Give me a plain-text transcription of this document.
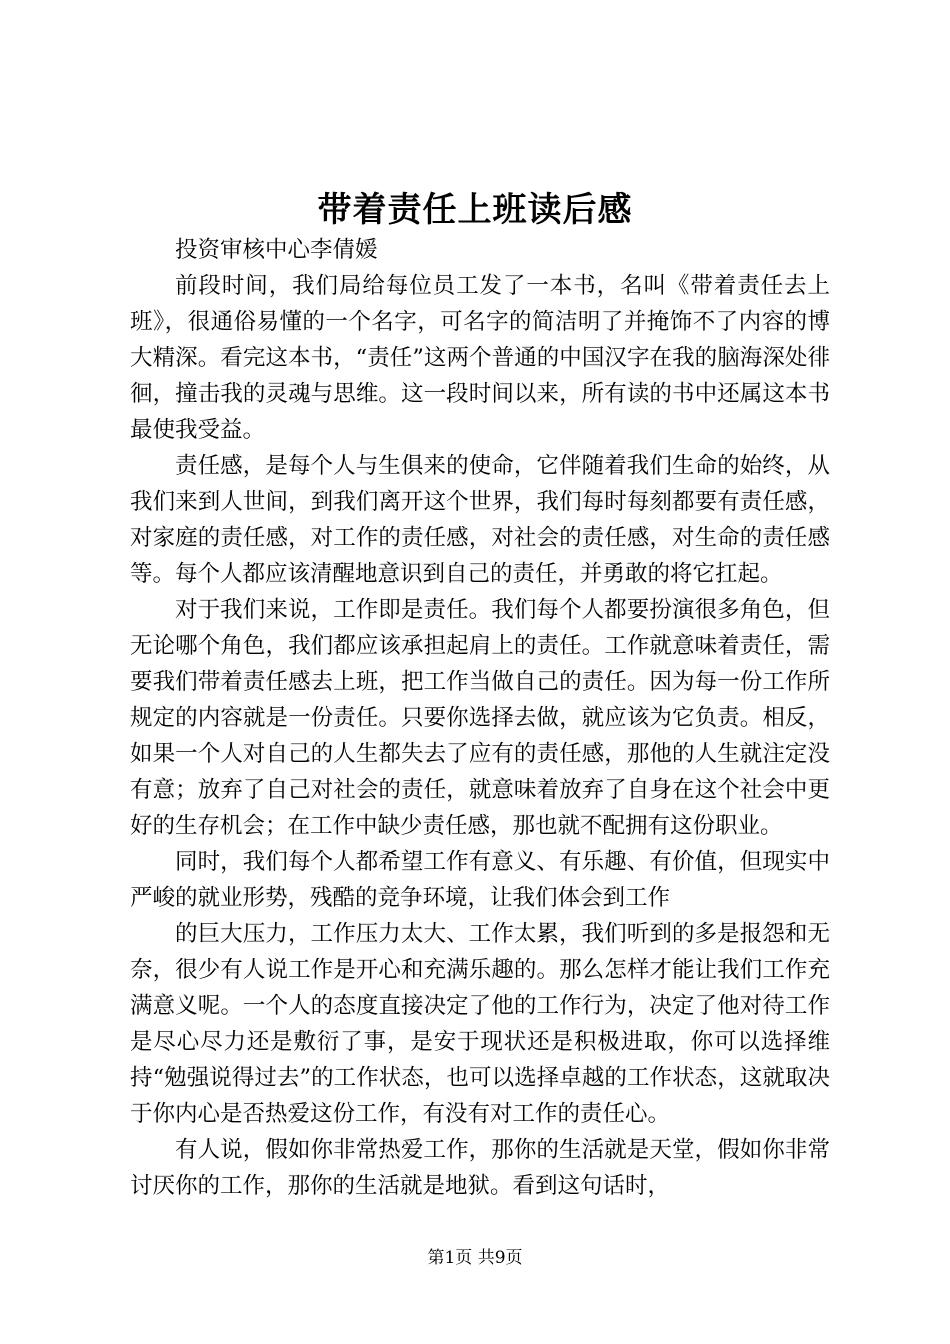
带着责任上班读后感

投资审核中心李倩媛

前段时间，我们局给每位员工发了一本书，名叫《带着责任去上班》，很通俗易懂的一个名字，可名字的简洁明了并掩饰不了内容的博大精深。看完这本书，“责任”这两个普通的中国汉字在我的脑海深处徘徊，撞击我的灵魂与思维。这一段时间以来，所有读的书中还属这本书最使我受益。

责任感，是每个人与生俱来的使命，它伴随着我们生命的始终，从我们来到人世间，到我们离开这个世界，我们每时每刻都要有责任感，对家庭的责任感，对工作的责任感，对社会的责任感，对生命的责任感等。每个人都应该清醒地意识到自己的责任，并勇敢的将它扛起。

对于我们来说，工作即是责任。我们每个人都要扮演很多角色，但无论哪个角色，我们都应该承担起肩上的责任。工作就意味着责任，需要我们带着责任感去上班，把工作当做自己的责任。因为每一份工作所规定的内容就是一份责任。只要你选择去做，就应该为它负责。相反，如果一个人对自己的人生都失去了应有的责任感，那他的人生就注定没有意；放弃了自己对社会的责任，就意味着放弃了自身在这个社会中更好的生存机会；在工作中缺少责任感，那也就不配拥有这份职业。

同时，我们每个人都希望工作有意义、有乐趣、有价值，但现实中严峻的就业形势，残酷的竞争环境，让我们体会到工作

的巨大压力，工作压力太大、工作太累，我们听到的多是报怨和无奈，很少有人说工作是开心和充满乐趣的。那么怎样才能让我们工作充满意义呢。一个人的态度直接决定了他的工作行为，决定了他对待工作是尽心尽力还是敷衍了事，是安于现状还是积极进取，你可以选择维持“勉强说得过去”的工作状态，也可以选择卓越的工作状态，这就取决于你内心是否热爱这份工作，有没有对工作的责任心。

有人说，假如你非常热爱工作，那你的生活就是天堂，假如你非常讨厌你的工作，那你的生活就是地狱。看到这句话时，

第1页 共9页
